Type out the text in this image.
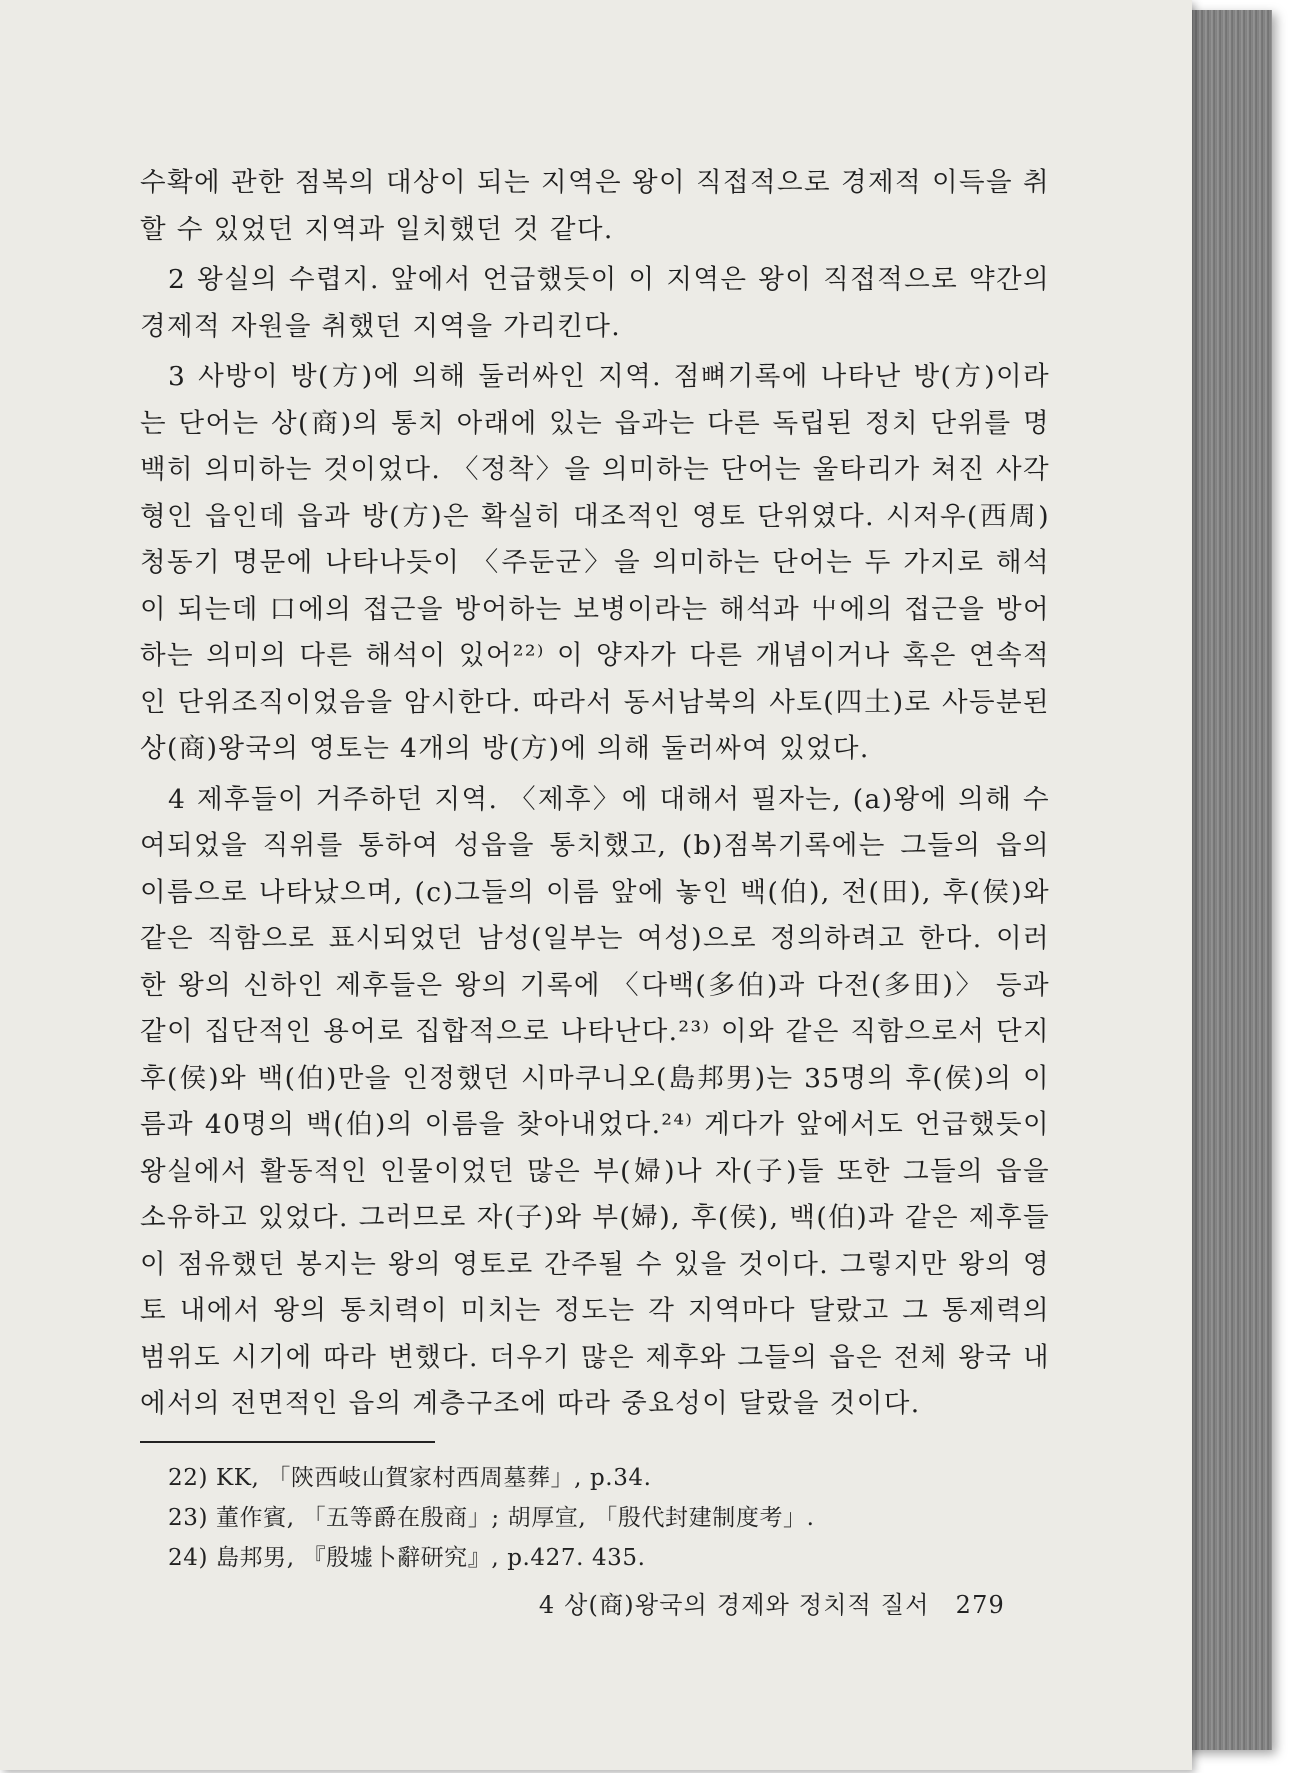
수확에 관한 점복의 대상이 되는 지역은 왕이 직접적으로 경제적 이득을 취할 수 있었던 지역과 일치했던 것 같다.

2 왕실의 수렵지. 앞에서 언급했듯이 이 지역은 왕이 직접적으로 약간의 경제적 자원을 취했던 지역을 가리킨다.

3 사방이 방(方)에 의해 둘러싸인 지역. 점뼈기록에 나타난 방(方)이라는 단어는 상(商)의 통치 아래에 있는 읍과는 다른 독립된 정치 단위를 명백히 의미하는 것이었다. 〈정착〉을 의미하는 단어는 울타리가 쳐진 사각형인 읍인데 읍과 방(方)은 확실히 대조적인 영토 단위였다. 시저우(西周) 청동기 명문에 나타나듯이 〈주둔군〉을 의미하는 단어는 두 가지로 해석이 되는데 口에의 접근을 방어하는 보병이라는 해석과 屮에의 접근을 방어하는 의미의 다른 해석이 있어²²⁾ 이 양자가 다른 개념이거나 혹은 연속적인 단위조직이었음을 암시한다. 따라서 동서남북의 사토(四土)로 사등분된 상(商)왕국의 영토는 4개의 방(方)에 의해 둘러싸여 있었다.

4 제후들이 거주하던 지역. 〈제후〉에 대해서 필자는, (a)왕에 의해 수여되었을 직위를 통하여 성읍을 통치했고, (b)점복기록에는 그들의 읍의 이름으로 나타났으며, (c)그들의 이름 앞에 놓인 백(伯), 전(田), 후(侯)와 같은 직함으로 표시되었던 남성(일부는 여성)으로 정의하려고 한다. 이러한 왕의 신하인 제후들은 왕의 기록에 〈다백(多伯)과 다전(多田)〉 등과 같이 집단적인 용어로 집합적으로 나타난다.²³⁾ 이와 같은 직함으로서 단지 후(侯)와 백(伯)만을 인정했던 시마쿠니오(島邦男)는 35명의 후(侯)의 이름과 40명의 백(伯)의 이름을 찾아내었다.²⁴⁾ 게다가 앞에서도 언급했듯이 왕실에서 활동적인 인물이었던 많은 부(婦)나 자(子)들 또한 그들의 읍을 소유하고 있었다. 그러므로 자(子)와 부(婦), 후(侯), 백(伯)과 같은 제후들이 점유했던 봉지는 왕의 영토로 간주될 수 있을 것이다. 그렇지만 왕의 영토 내에서 왕의 통치력이 미치는 정도는 각 지역마다 달랐고 그 통제력의 범위도 시기에 따라 변했다. 더우기 많은 제후와 그들의 읍은 전체 왕국 내에서의 전면적인 읍의 계층구조에 따라 중요성이 달랐을 것이다.

22) KK, 「陝西岐山賀家村西周墓葬」, p.34.
23) 董作賓, 「五等爵在殷商」; 胡厚宣, 「殷代封建制度考」.
24) 島邦男, 『殷墟卜辭研究』, p.427. 435.
4 상(商)왕국의 경제와 정치적 질서 279
